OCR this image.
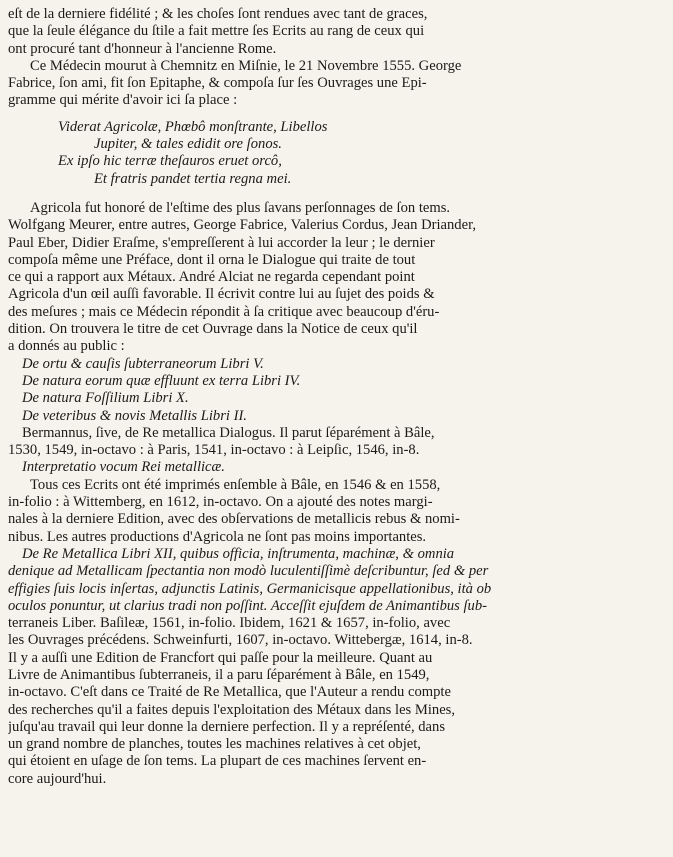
eſt de la derniere fidélité ; & les choſes ſont rendues avec tant de graces,
que la ſeule élégance du ſtile a fait mettre ſes Ecrits au rang de ceux qui
ont procuré tant d'honneur à l'ancienne Rome.
Ce Médecin mourut à Chemnitz en Miſnie, le 21 Novembre 1555. George
Fabrice, ſon ami, fit ſon Epitaphe, & compoſa ſur ſes Ouvrages une Epi-
gramme qui mérite d'avoir ici ſa place :
Viderat Agricolæ, Phœbô monſtrante, Libellos
Jupiter, & tales edidit ore ſonos.
Ex ipſo hic terræ theſauros eruet orcô,
Et fratris pandet tertia regna mei.
Agricola fut honoré de l'eſtime des plus ſavans perſonnages de ſon tems.
Wolfgang Meurer, entre autres, George Fabrice, Valerius Cordus, Jean Driander,
Paul Eber, Didier Eraſme, s'empreſſerent à lui accorder la leur ; le dernier
compoſa même une Préface, dont il orna le Dialogue qui traite de tout
ce qui a rapport aux Métaux. André Alciat ne regarda cependant point
Agricola d'un œil auſſi favorable. Il écrivit contre lui au ſujet des poids &
des meſures ; mais ce Médecin répondit à ſa critique avec beaucoup d'éru-
dition. On trouvera le titre de cet Ouvrage dans la Notice de ceux qu'il
a donnés au public :
De ortu & cauſis ſubterraneorum Libri V.
De natura eorum quæ effluunt ex terra Libri IV.
De natura Foſſilium Libri X.
De veteribus & novis Metallis Libri II.
Bermannus, ſive, de Re metallica Dialogus. Il parut ſéparément à Bâle,
1530, 1549, in-octavo : à Paris, 1541, in-octavo : à Leipſic, 1546, in-8.
Interpretatio vocum Rei metallicæ.
Tous ces Ecrits ont été imprimés enſemble à Bâle, en 1546 & en 1558,
in-folio : à Wittemberg, en 1612, in-octavo. On a ajouté des notes margi-
nales à la derniere Edition, avec des obſervations de metallicis rebus & nomi-
nibus. Les autres productions d'Agricola ne ſont pas moins importantes.
De Re Metallica Libri XII, quibus officia, inſtrumenta, machinæ, & omnia
denique ad Metallicam ſpectantia non modò luculentiſſimè deſcribuntur, ſed & per
effigies ſuis locis inſertas, adjunctis Latinis, Germanicisque appellationibus, ità ob
oculos ponuntur, ut clarius tradi non poſſint. Acceſſit ejuſdem de Animantibus ſub-
terraneis Liber. Baſileæ, 1561, in-folio. Ibidem, 1621 & 1657, in-folio, avec
les Ouvrages précédens. Schweinfurti, 1607, in-octavo. Wittebergæ, 1614, in-8.
Il y a auſſi une Edition de Francfort qui paſſe pour la meilleure. Quant au
Livre de Animantibus ſubterraneis, il a paru ſéparément à Bâle, en 1549,
in-octavo. C'eſt dans ce Traité de Re Metallica, que l'Auteur a rendu compte
des recherches qu'il a faites depuis l'exploitation des Métaux dans les Mines,
juſqu'au travail qui leur donne la derniere perfection. Il y a repréſenté, dans
un grand nombre de planches, toutes les machines relatives à cet objet,
qui étoient en uſage de ſon tems. La plupart de ces machines ſervent en-
core aujourd'hui.
